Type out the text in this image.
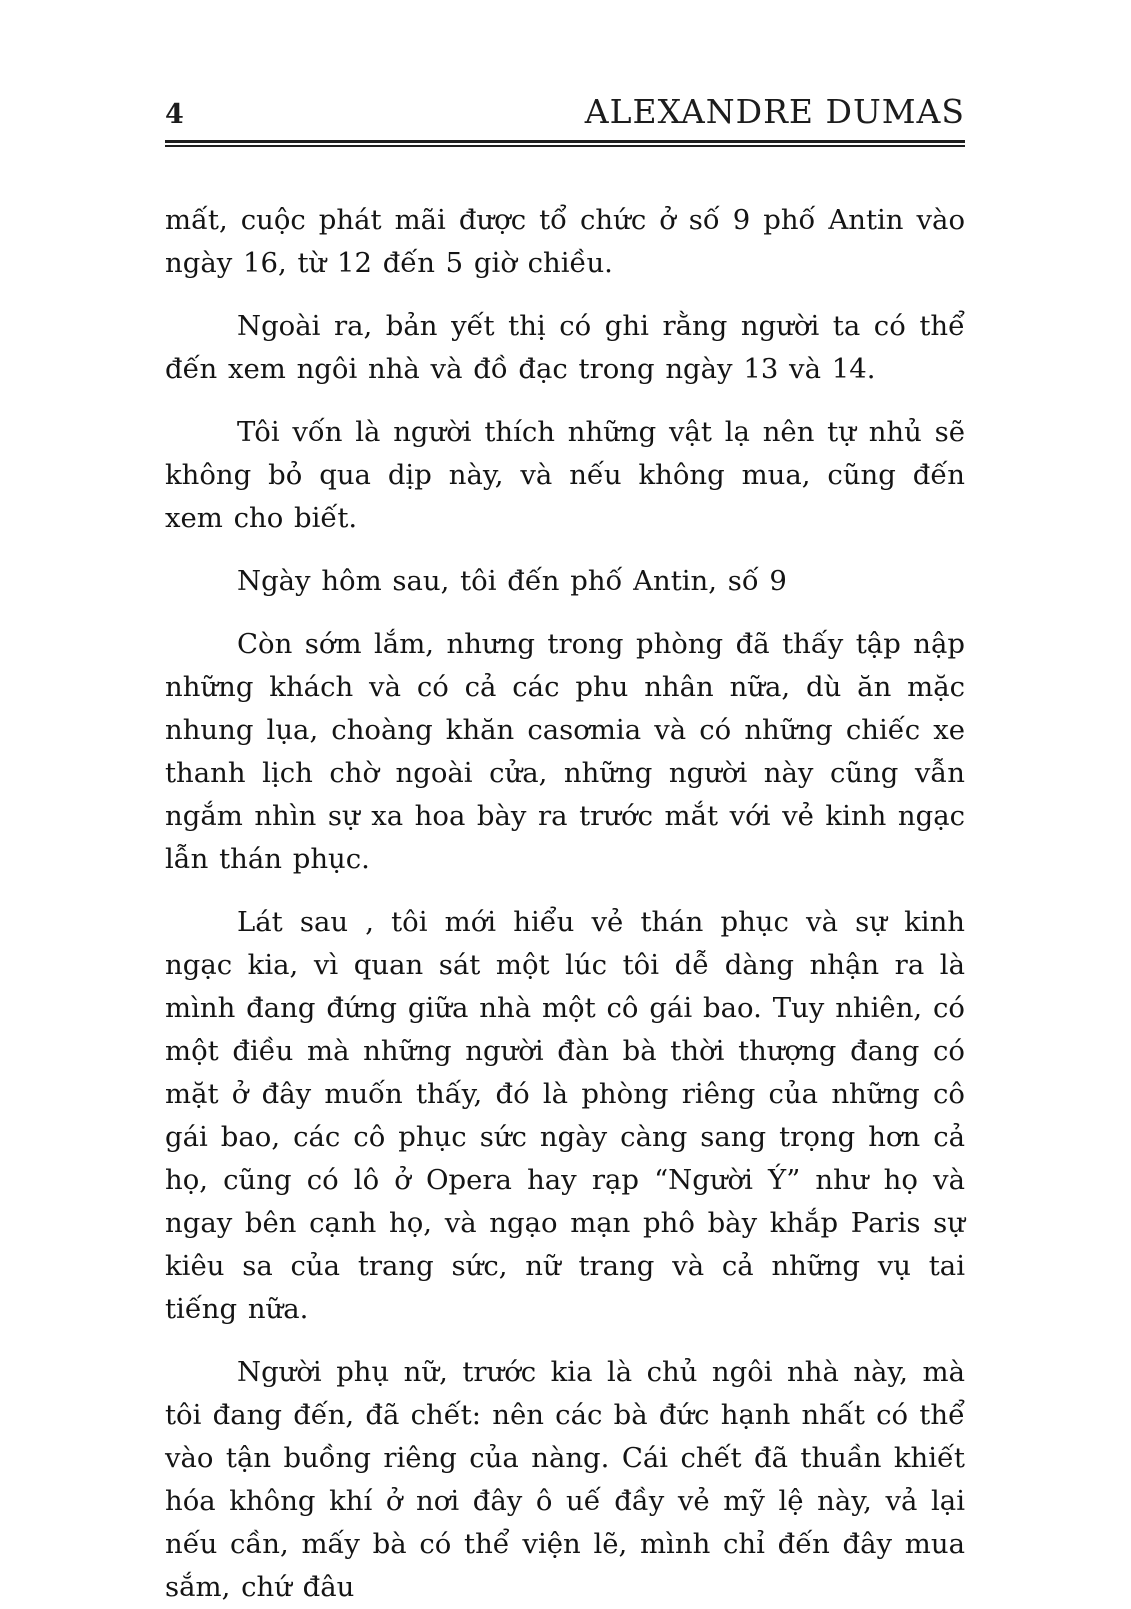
4	ALEXANDRE DUMAS

mất, cuộc phát mãi được tổ chức ở số 9 phố Antin vào ngày 16, từ 12 đến 5 giờ chiều.

Ngoài ra, bản yết thị có ghi rằng người ta có thể đến xem ngôi nhà và đồ đạc trong ngày 13 và 14.

Tôi vốn là người thích những vật lạ nên tự nhủ sẽ không bỏ qua dịp này, và nếu không mua, cũng đến xem cho biết.

Ngày hôm sau, tôi đến phố Antin, số 9

Còn sớm lắm, nhưng trong phòng đã thấy tập nập những khách và có cả các phu nhân nữa, dù ăn mặc nhung lụa, choàng khăn casơmia và có những chiếc xe thanh lịch chờ ngoài cửa, những người này cũng vẫn ngắm nhìn sự xa hoa bày ra trước mắt với vẻ kinh ngạc lẫn thán phục.

Lát sau , tôi mới hiểu vẻ thán phục và sự kinh ngạc kia, vì quan sát một lúc tôi dễ dàng nhận ra là mình đang đứng giữa nhà một cô gái bao. Tuy nhiên, có một điều mà những người đàn bà thời thượng đang có mặt ở đây muốn thấy, đó là phòng riêng của những cô gái bao, các cô phục sức ngày càng sang trọng hơn cả họ, cũng có lô ở Opera hay rạp “Người Ý” như họ và ngay bên cạnh họ, và ngạo mạn phô bày khắp Paris sự kiêu sa của trang sức, nữ trang và cả những vụ tai tiếng nữa.

Người phụ nữ, trước kia là chủ ngôi nhà này, mà tôi đang đến, đã chết: nên các bà đức hạnh nhất có thể vào tận buồng riêng của nàng. Cái chết đã thuần khiết hóa không khí ở nơi đây ô uế đầy vẻ mỹ lệ này, vả lại nếu cần, mấy bà có thể viện lẽ, mình chỉ đến đây mua sắm, chứ đâu
